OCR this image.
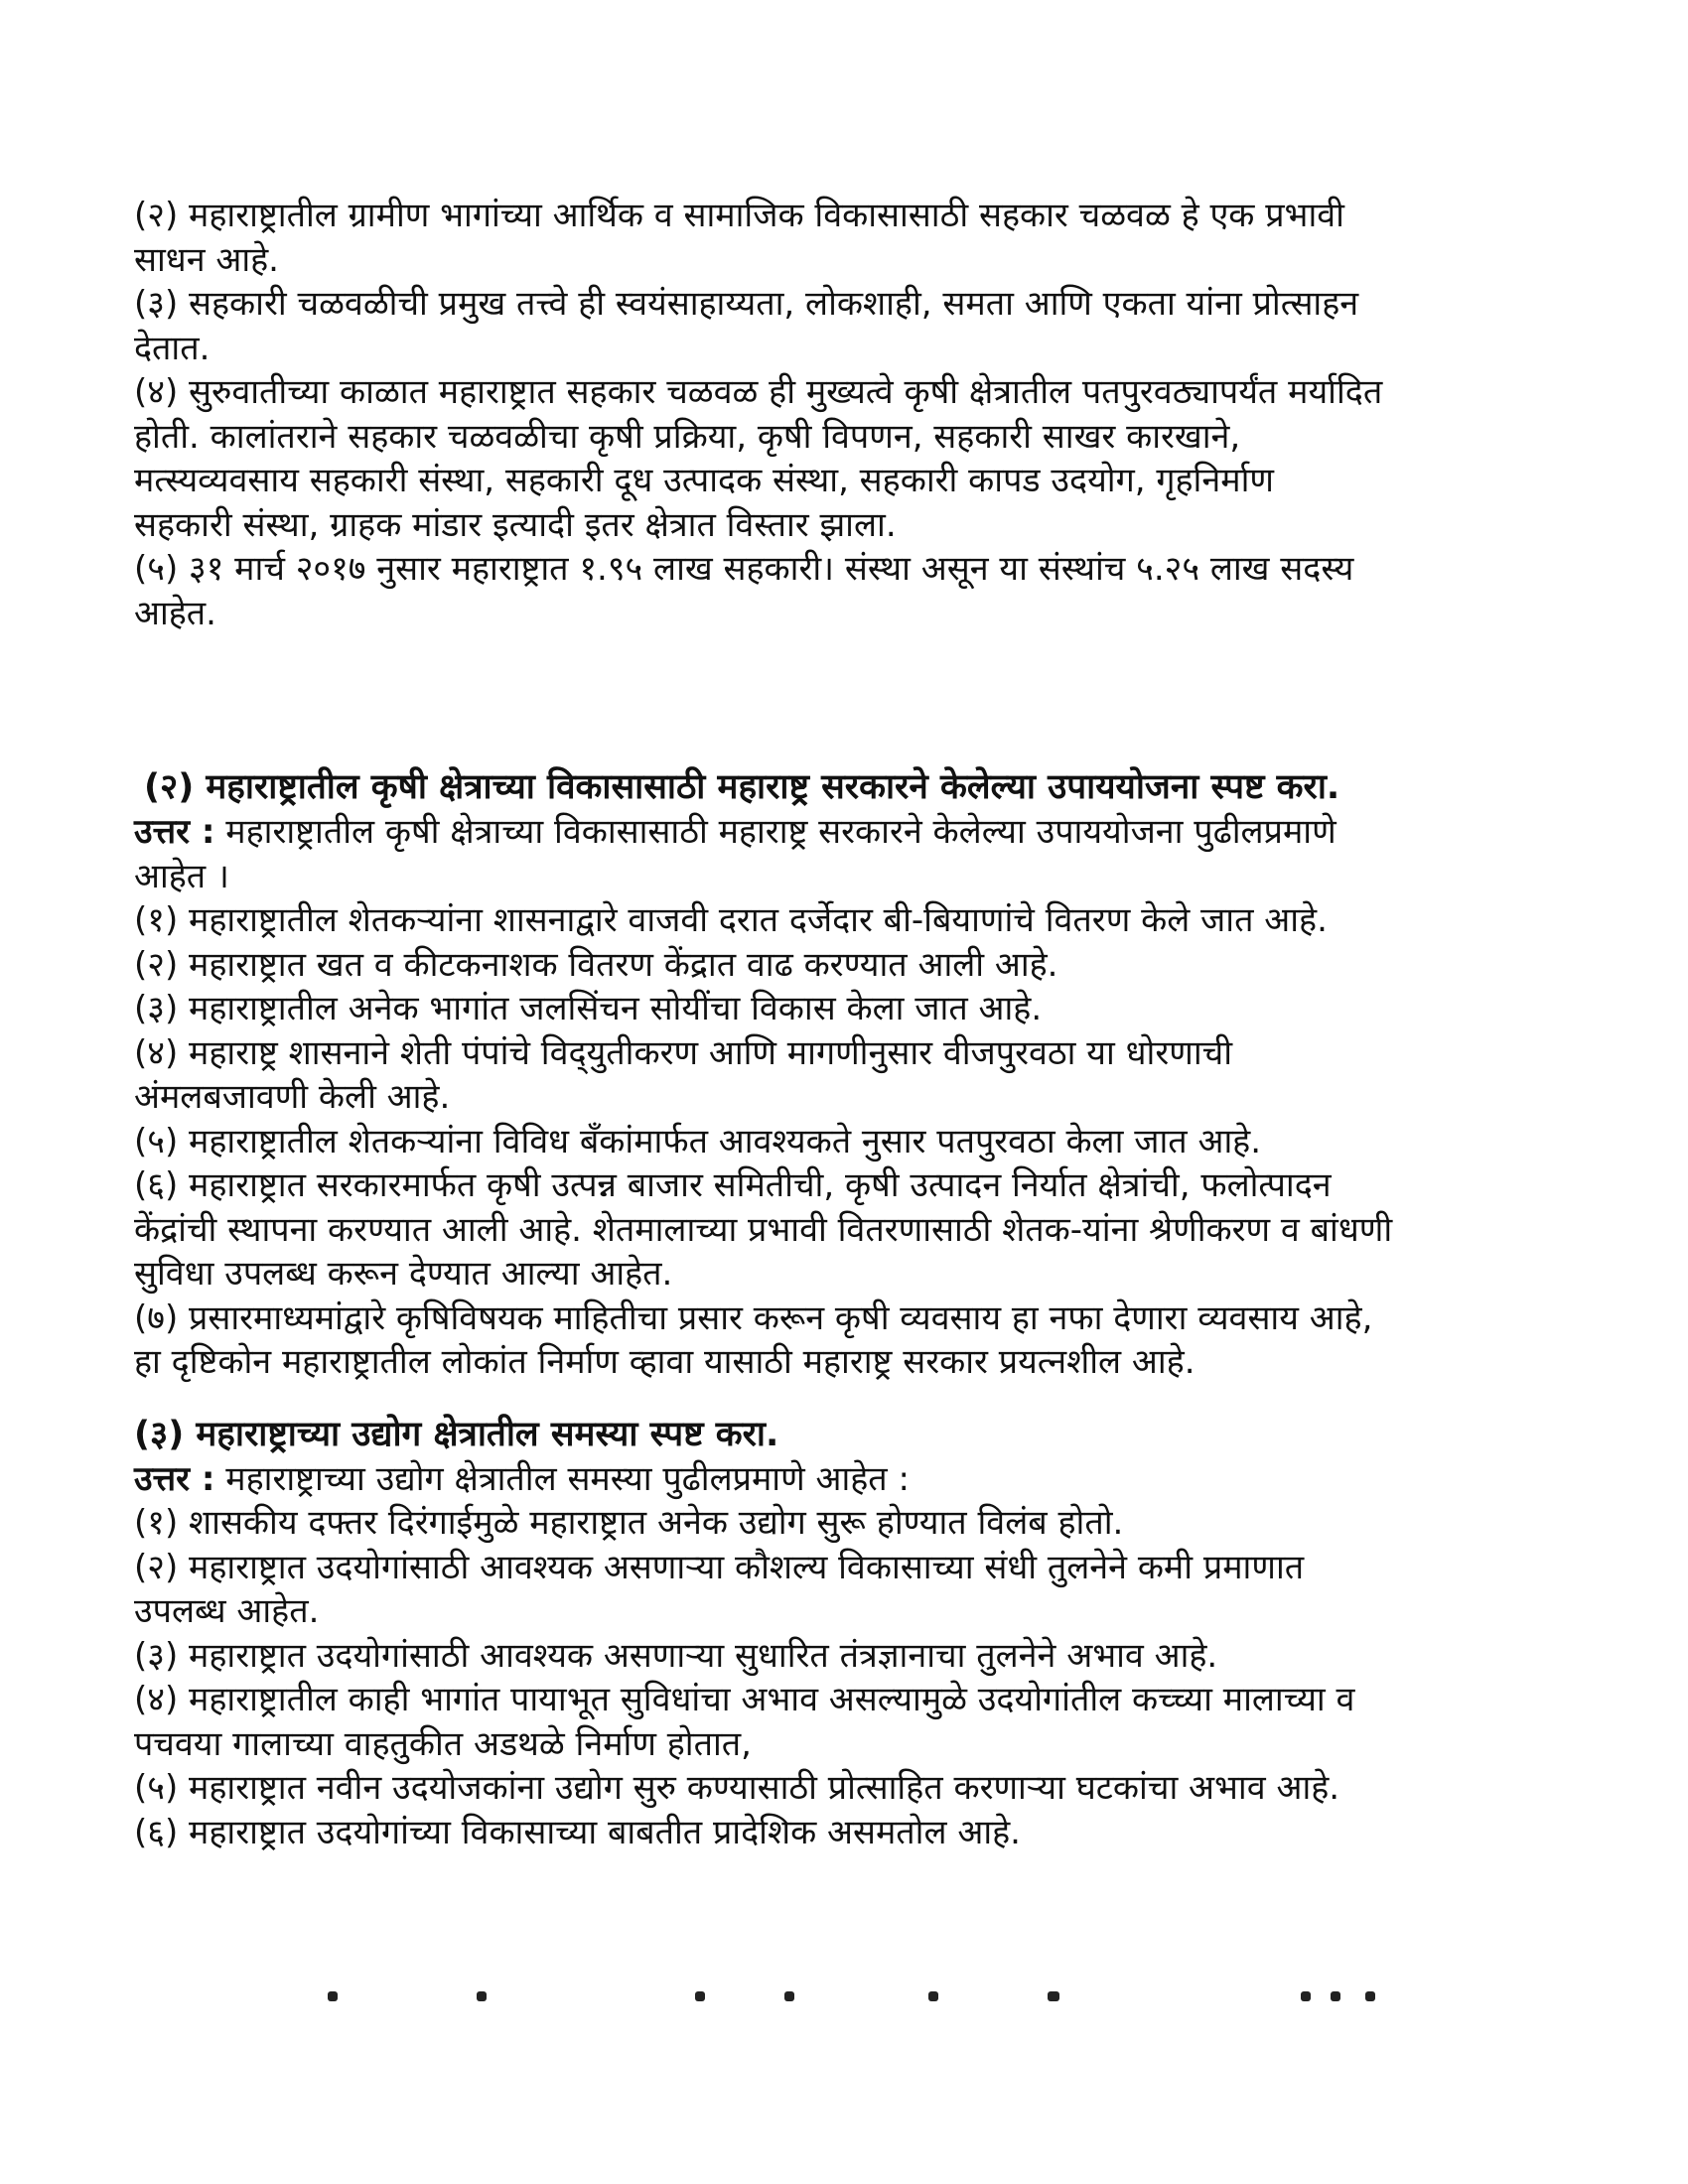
(२) महाराष्ट्रातील ग्रामीण भागांच्या आर्थिक व सामाजिक विकासासाठी सहकार चळवळ हे एक प्रभावी
साधन आहे.
(३) सहकारी चळवळीची प्रमुख तत्त्वे ही स्वयंसाहाय्यता, लोकशाही, समता आणि एकता यांना प्रोत्साहन
देतात.
(४) सुरुवातीच्या काळात महाराष्ट्रात सहकार चळवळ ही मुख्यत्वे कृषी क्षेत्रातील पतपुरवठ्यापर्यंत मर्यादित
होती. कालांतराने सहकार चळवळीचा कृषी प्रक्रिया, कृषी विपणन, सहकारी साखर कारखाने,
मत्स्यव्यवसाय सहकारी संस्था, सहकारी दूध उत्पादक संस्था, सहकारी कापड उदयोग, गृहनिर्माण
सहकारी संस्था, ग्राहक मांडार इत्यादी इतर क्षेत्रात विस्तार झाला.
(५) ३१ मार्च २०१७ नुसार महाराष्ट्रात १.९५ लाख सहकारी। संस्था असून या संस्थांच ५.२५ लाख सदस्य
आहेत.
(२) महाराष्ट्रातील कृषी क्षेत्राच्या विकासासाठी महाराष्ट्र सरकारने केलेल्या उपाययोजना स्पष्ट करा.
उत्तर : महाराष्ट्रातील कृषी क्षेत्राच्या विकासासाठी महाराष्ट्र सरकारने केलेल्या उपाययोजना पुढीलप्रमाणे
आहेत ।
(१) महाराष्ट्रातील शेतकऱ्यांना शासनाद्वारे वाजवी दरात दर्जेदार बी-बियाणांचे वितरण केले जात आहे.
(२) महाराष्ट्रात खत व कीटकनाशक वितरण केंद्रात वाढ करण्यात आली आहे.
(३) महाराष्ट्रातील अनेक भागांत जलसिंचन सोयींचा विकास केला जात आहे.
(४) महाराष्ट्र शासनाने शेती पंपांचे विद्‌युतीकरण आणि मागणीनुसार वीजपुरवठा या धोरणाची
अंमलबजावणी केली आहे.
(५) महाराष्ट्रातील शेतकऱ्यांना विविध बँकांमार्फत आवश्यकते नुसार पतपुरवठा केला जात आहे.
(६) महाराष्ट्रात सरकारमार्फत कृषी उत्पन्न बाजार समितीची, कृषी उत्पादन निर्यात क्षेत्रांची, फलोत्पादन
केंद्रांची स्थापना करण्यात आली आहे. शेतमालाच्या प्रभावी वितरणासाठी शेतक-यांना श्रेणीकरण व बांधणी
सुविधा उपलब्ध करून देण्यात आल्या आहेत.
(७) प्रसारमाध्यमांद्वारे कृषिविषयक माहितीचा प्रसार करून कृषी व्यवसाय हा नफा देणारा व्यवसाय आहे,
हा दृष्टिकोन महाराष्ट्रातील लोकांत निर्माण व्हावा यासाठी महाराष्ट्र सरकार प्रयत्नशील आहे.
(३) महाराष्ट्राच्या उद्योग क्षेत्रातील समस्या स्पष्ट करा.
उत्तर : महाराष्ट्राच्या उद्योग क्षेत्रातील समस्या पुढीलप्रमाणे आहेत :
(१) शासकीय दफ्तर दिरंगाईमुळे महाराष्ट्रात अनेक उद्योग सुरू होण्यात विलंब होतो.
(२) महाराष्ट्रात उदयोगांसाठी आवश्यक असणाऱ्या कौशल्य विकासाच्या संधी तुलनेने कमी प्रमाणात
उपलब्ध आहेत.
(३) महाराष्ट्रात उदयोगांसाठी आवश्यक असणाऱ्या सुधारित तंत्रज्ञानाचा तुलनेने अभाव आहे.
(४) महाराष्ट्रातील काही भागांत पायाभूत सुविधांचा अभाव असल्यामुळे उदयोगांतील कच्च्या मालाच्या व
पचवया गालाच्या वाहतुकीत अडथळे निर्माण होतात,
(५) महाराष्ट्रात नवीन उदयोजकांना उद्योग सुरु कण्यासाठी प्रोत्साहित करणाऱ्या घटकांचा अभाव आहे.
(६) महाराष्ट्रात उदयोगांच्या विकासाच्या बाबतीत प्रादेशिक असमतोल आहे.
